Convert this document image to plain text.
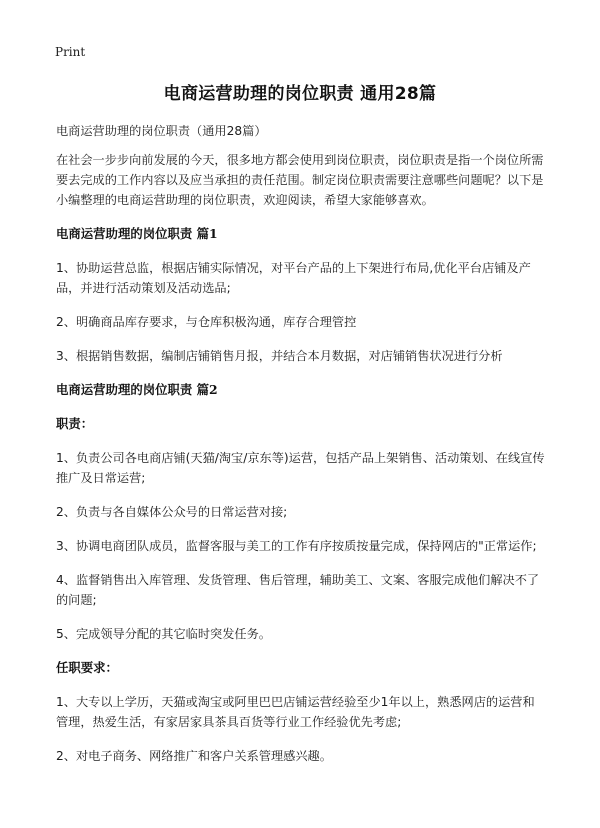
Print
电商运营助理的岗位职责 通用28篇
电商运营助理的岗位职责（通用28篇）
在社会一步步向前发展的今天，很多地方都会使用到岗位职责，岗位职责是指一个岗位所需要去完成的工作内容以及应当承担的责任范围。制定岗位职责需要注意哪些问题呢？以下是小编整理的电商运营助理的岗位职责，欢迎阅读，希望大家能够喜欢。
电商运营助理的岗位职责 篇1
1、协助运营总监，根据店铺实际情况，对平台产品的上下架进行布局,优化平台店铺及产品，并进行活动策划及活动选品;
2、明确商品库存要求，与仓库积极沟通，库存合理管控
3、根据销售数据，编制店铺销售月报，并结合本月数据，对店铺销售状况进行分析
电商运营助理的岗位职责 篇2
职责：
1、负责公司各电商店铺(天猫/淘宝/京东等)运营，包括产品上架销售、活动策划、在线宣传推广及日常运营;
2、负责与各自媒体公众号的日常运营对接;
3、协调电商团队成员，监督客服与美工的工作有序按质按量完成，保持网店的"正常运作;
4、监督销售出入库管理、发货管理、售后管理，辅助美工、文案、客服完成他们解决不了的问题;
5、完成领导分配的其它临时突发任务。
任职要求：
1、大专以上学历，天猫或淘宝或阿里巴巴店铺运营经验至少1年以上，熟悉网店的运营和管理，热爱生活，有家居家具茶具百货等行业工作经验优先考虑;
2、对电子商务、网络推广和客户关系管理感兴趣。
